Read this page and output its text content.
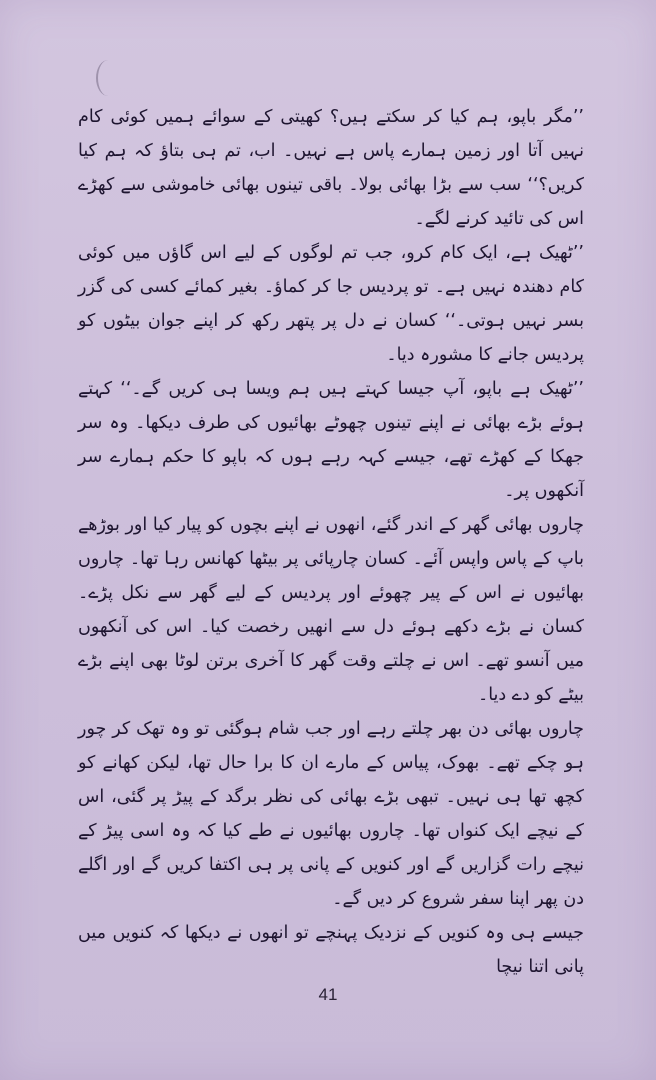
’’مگر باپو، ہم کیا کر سکتے ہیں؟ کھیتی کے سوائے ہمیں کوئی کام نہیں آتا اور زمین ہمارے پاس ہے نہیں۔ اب، تم ہی بتاؤ کہ ہم کیا کریں؟‘‘ سب سے بڑا بھائی بولا۔ باقی تینوں بھائی خاموشی سے کھڑے اس کی تائید کرنے لگے۔

’’ٹھیک ہے، ایک کام کرو، جب تم لوگوں کے لیے اس گاؤں میں کوئی کام دھندہ نہیں ہے۔ تو پردیس جا کر کماؤ۔ بغیر کمائے کسی کی گزر بسر نہیں ہوتی۔‘‘ کسان نے دل پر پتھر رکھ کر اپنے جوان بیٹوں کو پردیس جانے کا مشورہ دیا۔

’’ٹھیک ہے باپو، آپ جیسا کہتے ہیں ہم ویسا ہی کریں گے۔‘‘ کہتے ہوئے بڑے بھائی نے اپنے تینوں چھوٹے بھائیوں کی طرف دیکھا۔ وہ سر جھکا کے کھڑے تھے، جیسے کہہ رہے ہوں کہ باپو کا حکم ہمارے سر آنکھوں پر۔

چاروں بھائی گھر کے اندر گئے، انھوں نے اپنے بچوں کو پیار کیا اور بوڑھے باپ کے پاس واپس آئے۔ کسان چارپائی پر بیٹھا کھانس رہا تھا۔ چاروں بھائیوں نے اس کے پیر چھوئے اور پردیس کے لیے گھر سے نکل پڑے۔ کسان نے بڑے دکھے ہوئے دل سے انھیں رخصت کیا۔ اس کی آنکھوں میں آنسو تھے۔ اس نے چلتے وقت گھر کا آخری برتن لوٹا بھی اپنے بڑے بیٹے کو دے دیا۔

چاروں بھائی دن بھر چلتے رہے اور جب شام ہوگئی تو وہ تھک کر چور ہو چکے تھے۔ بھوک، پیاس کے مارے ان کا برا حال تھا، لیکن کھانے کو کچھ تھا ہی نہیں۔ تبھی بڑے بھائی کی نظر برگد کے پیڑ پر گئی، اس کے نیچے ایک کنواں تھا۔ چاروں بھائیوں نے طے کیا کہ وہ اسی پیڑ کے نیچے رات گزاریں گے اور کنویں کے پانی پر ہی اکتفا کریں گے اور اگلے دن پھر اپنا سفر شروع کر دیں گے۔

جیسے ہی وہ کنویں کے نزدیک پہنچے تو انھوں نے دیکھا کہ کنویں میں پانی اتنا نیچا

41
